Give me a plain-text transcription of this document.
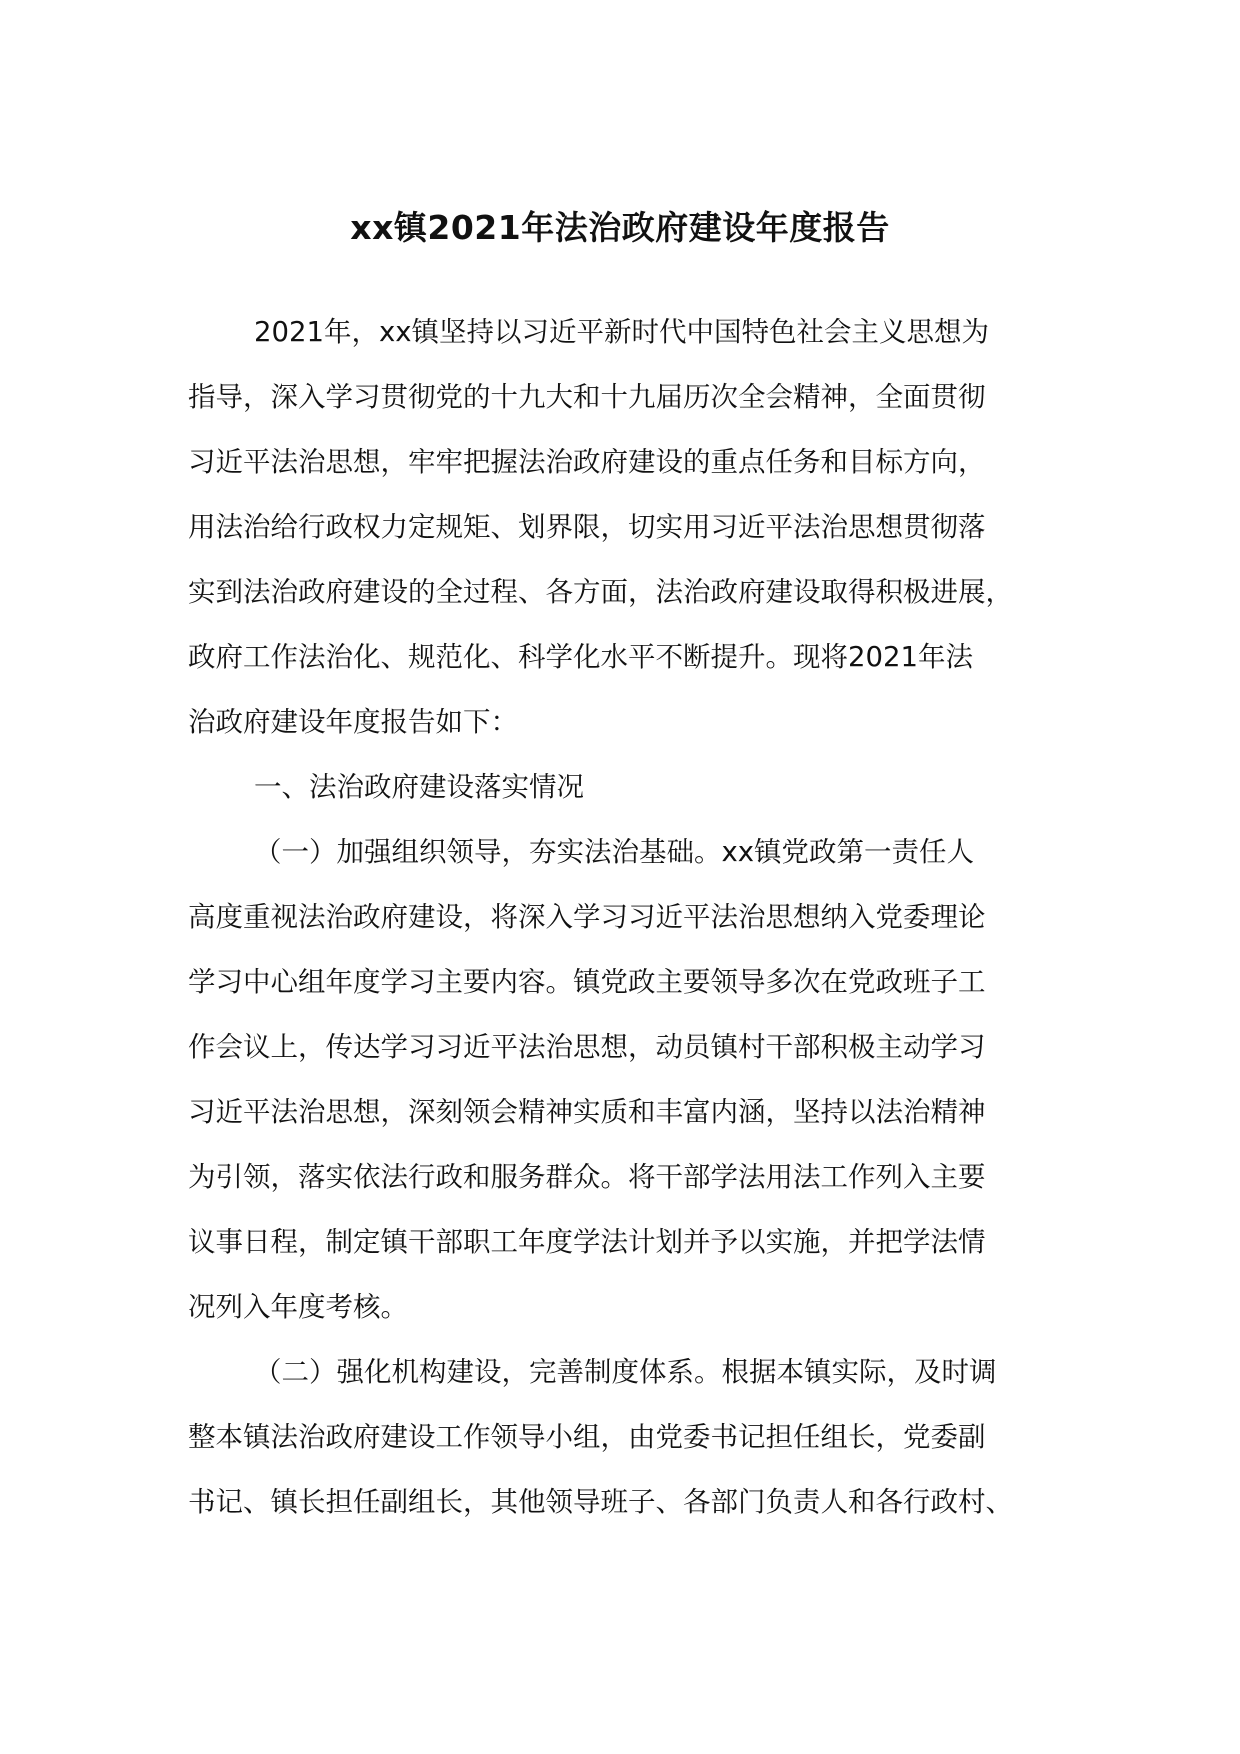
xx镇2021年法治政府建设年度报告
2021年，xx镇坚持以习近平新时代中国特色社会主义思想为
指导，深入学习贯彻党的十九大和十九届历次全会精神，全面贯彻
习近平法治思想，牢牢把握法治政府建设的重点任务和目标方向，
用法治给行政权力定规矩、划界限，切实用习近平法治思想贯彻落
实到法治政府建设的全过程、各方面，法治政府建设取得积极进展，
政府工作法治化、规范化、科学化水平不断提升。现将2021年法
治政府建设年度报告如下：
一、法治政府建设落实情况
（一）加强组织领导，夯实法治基础。xx镇党政第一责任人
高度重视法治政府建设，将深入学习习近平法治思想纳入党委理论
学习中心组年度学习主要内容。镇党政主要领导多次在党政班子工
作会议上，传达学习习近平法治思想，动员镇村干部积极主动学习
习近平法治思想，深刻领会精神实质和丰富内涵，坚持以法治精神
为引领，落实依法行政和服务群众。将干部学法用法工作列入主要
议事日程，制定镇干部职工年度学法计划并予以实施，并把学法情
况列入年度考核。
（二）强化机构建设，完善制度体系。根据本镇实际，及时调
整本镇法治政府建设工作领导小组，由党委书记担任组长，党委副
书记、镇长担任副组长，其他领导班子、各部门负责人和各行政村、
